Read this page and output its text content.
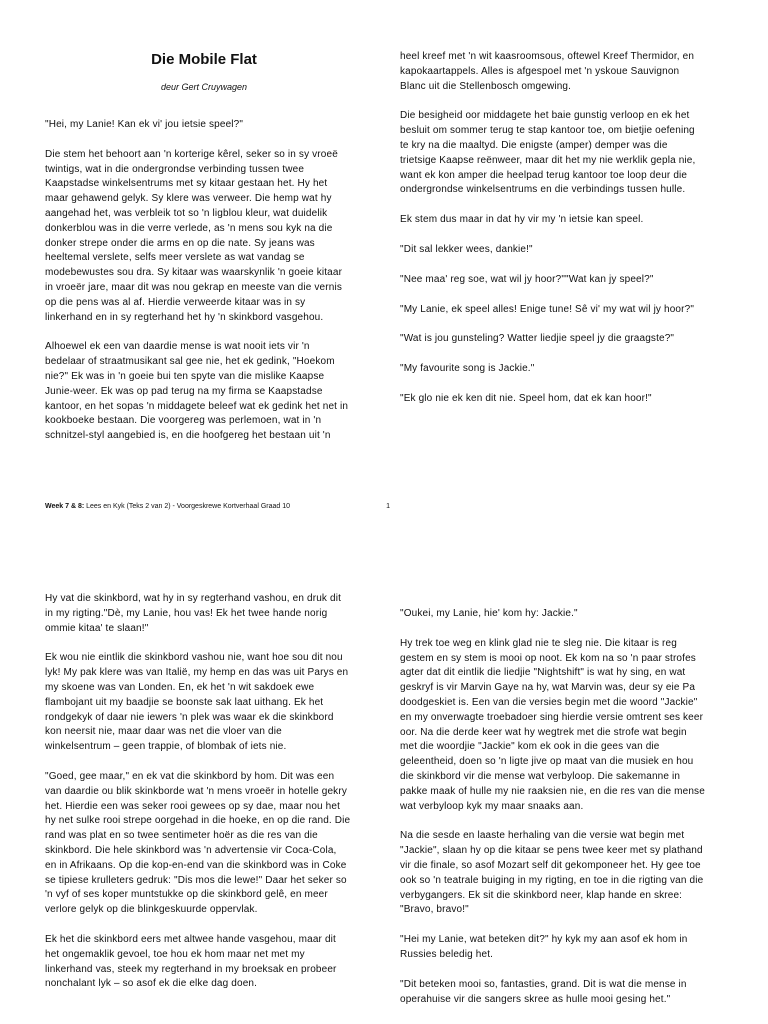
Die Mobile Flat
deur Gert Cruywagen

"Hei, my Lanie! Kan ek vi' jou ietsie speel?"

Die stem het behoort aan 'n korterige kêrel, seker so in sy vroeë
twintigs, wat in die ondergrondse verbinding tussen twee
Kaapstadse winkelsentrums met sy kitaar gestaan het. Hy het
maar gehawend gelyk. Sy klere was verweer. Die hemp wat hy
aangehad het, was verbleik tot so 'n ligblou kleur, wat duidelik
donkerblou was in die verre verlede, as 'n mens sou kyk na die
donker strepe onder die arms en op die nate. Sy jeans was
heeltemal verslete, selfs meer verslete as wat vandag se
modebewustes sou dra. Sy kitaar was waarskynlik 'n goeie kitaar
in vroeër jare, maar dit was nou gekrap en meeste van die vernis
op die pens was al af. Hierdie verweerde kitaar was in sy
linkerhand en in sy regterhand het hy 'n skinkbord vasgehou.

Alhoewel ek een van daardie mense is wat nooit iets vir 'n
bedelaar of straatmusikant sal gee nie, het ek gedink, "Hoekom
nie?" Ek was in 'n goeie bui ten spyte van die mislike Kaapse
Junie-weer. Ek was op pad terug na my firma se Kaapstadse
kantoor, en het sopas 'n middagete beleef wat ek gedink het net in
kookboeke bestaan. Die voorgereg was perlemoen, wat in 'n
schnitzel-styl aangebied is, en die hoofgereg het bestaan uit 'n

heel kreef met 'n wit kaasroomsous, oftewel Kreef Thermidor, en
kapokaartappels. Alles is afgespoel met 'n yskoue Sauvignon
Blanc uit die Stellenbosch omgewing.

Die besigheid oor middagete het baie gunstig verloop en ek het
besluit om sommer terug te stap kantoor toe, om bietjie oefening
te kry na die maaltyd. Die enigste (amper) demper was die
trietsige Kaapse reënweer, maar dit het my nie werklik gepla nie,
want ek kon amper die heelpad terug kantoor toe loop deur die
ondergrondse winkelsentrums en die verbindings tussen hulle.

Ek stem dus maar in dat hy vir my 'n ietsie kan speel.

"Dit sal lekker wees, dankie!"

"Nee maa' reg soe, wat wil jy hoor?""Wat kan jy speel?"

"My Lanie, ek speel alles! Enige tune! Sê vi' my wat wil jy hoor?"

"Wat is jou gunsteling? Watter liedjie speel jy die graagste?"

"My favourite song is Jackie."

"Ek glo nie ek ken dit nie. Speel hom, dat ek kan hoor!"

Week 7 & 8: Lees en Kyk (Teks 2 van 2) - Voorgeskrewe Kortverhaal Graad 10	1

Hy vat die skinkbord, wat hy in sy regterhand vashou, en druk dit
in my rigting."Dè, my Lanie, hou vas! Ek het twee hande norig
ommie kitaa' te slaan!"

Ek wou nie eintlik die skinkbord vashou nie, want hoe sou dit nou
lyk! My pak klere was van Italië, my hemp en das was uit Parys en
my skoene was van Londen. En, ek het 'n wit sakdoek ewe
flambojant uit my baadjie se boonste sak laat uithang. Ek het
rondgekyk of daar nie iewers 'n plek was waar ek die skinkbord
kon neersit nie, maar daar was net die vloer van die
winkelsentrum – geen trappie, of blombak of iets nie.

"Goed, gee maar," en ek vat die skinkbord by hom. Dit was een
van daardie ou blik skinkborde wat 'n mens vroeër in hotelle gekry
het. Hierdie een was seker rooi gewees op sy dae, maar nou het
hy net sulke rooi strepe oorgehad in die hoeke, en op die rand. Die
rand was plat en so twee sentimeter hoër as die res van die
skinkbord. Die hele skinkbord was 'n advertensie vir Coca-Cola,
en in Afrikaans. Op die kop-en-end van die skinkbord was in Coke
se tipiese krulleters gedruk: "Dis mos die lewe!" Daar het seker so
'n vyf of ses koper muntstukke op die skinkbord gelê, en meer
verlore gelyk op die blinkgeskuurde oppervlak.

Ek het die skinkbord eers met altwee hande vasgehou, maar dit
het ongemaklik gevoel, toe hou ek hom maar net met my
linkerhand vas, steek my regterhand in my broeksak en probeer
nonchalant lyk – so asof ek die elke dag doen.

"Oukei, my Lanie, hie' kom hy: Jackie."

Hy trek toe weg en klink glad nie te sleg nie. Die kitaar is reg
gestem en sy stem is mooi op noot. Ek kom na so 'n paar strofes
agter dat dit eintlik die liedjie "Nightshift" is wat hy sing, en wat
geskryf is vir Marvin Gaye na hy, wat Marvin was, deur sy eie Pa
doodgeskiet is. Een van die versies begin met die woord "Jackie"
en my onverwagte troebadoer sing hierdie versie omtrent ses keer
oor. Na die derde keer wat hy wegtrek met die strofe wat begin
met die woordjie "Jackie" kom ek ook in die gees van die
geleentheid, doen so 'n ligte jive op maat van die musiek en hou
die skinkbord vir die mense wat verbyloop. Die sakemanne in
pakke maak of hulle my nie raaksien nie, en die res van die mense
wat verbyloop kyk my maar snaaks aan.

Na die sesde en laaste herhaling van die versie wat begin met
"Jackie", slaan hy op die kitaar se pens twee keer met sy plathand
vir die finale, so asof Mozart self dit gekomponeer het. Hy gee toe
ook so 'n teatrale buiging in my rigting, en toe in die rigting van die
verbygangers. Ek sit die skinkbord neer, klap hande en skree:
"Bravo, bravo!"

"Hei my Lanie, wat beteken dit?" hy kyk my aan asof ek hom in
Russies beledig het.

"Dit beteken mooi so, fantasties, grand. Dit is wat die mense in
operahuise vir die sangers skree as hulle mooi gesing het."
